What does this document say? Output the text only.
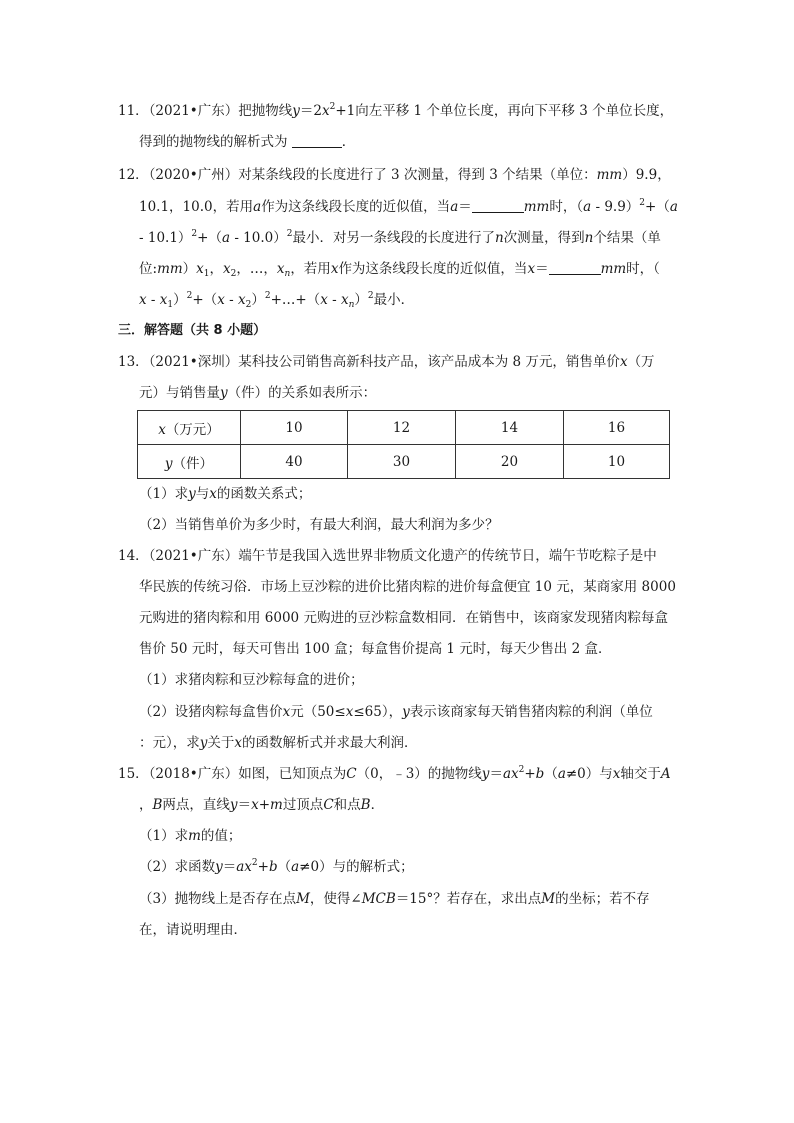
11．（2021•广东）把抛物线$y=2x^2+1$向左平移 1 个单位长度，再向下平移 3 个单位长度，
得到的抛物线的解析式为	．
12．（2020•广州）对某条线段的长度进行了 3 次测量，得到 3 个结果（单位：mm）9.9，
10.1，10.0，若用a作为这条线段长度的近似值，当a＝	mm时，（a - 9.9）$^2$+（a
- 10.1）$^2$+（a - 10.0）$^2$最小．对另一条线段的长度进行了n次测量，得到n个结果（单
位$:mm)x_1$，$x_2$，…，$x_n$，若用x作为这条线段长度的近似值，当x＝	mm时，（
$x - x_1)^2+(x$ - $x_2)^2+\dots+(x - x_n)^2$最小．
三．解答题（共 8 小题）
13．（2021•深圳）某科技公司销售高新科技产品，该产品成本为 8 万元，销售单价x（万
元）与销售量y（件）的关系如表所示：
x（万元）	10	12	14	16
y（件）	40	30	20	10
（1）求y与x的函数关系式；
（2）当销售单价为多少时，有最大利润，最大利润为多少？
14．（2021•广东）端午节是我国入选世界非物质文化遗产的传统节日，端午节吃粽子是中
华民族的传统习俗．市场上豆沙粽的进价比猪肉粽的进价每盒便宜 10 元，某商家用 8000
元购进的猪肉粽和用 6000 元购进的豆沙粽盒数相同．在销售中，该商家发现猪肉粽每盒
售价 50 元时，每天可售出 100 盒；每盒售价提高 1 元时，每天少售出 2 盒．
（1）求猪肉粽和豆沙粽每盒的进价；
（2）设猪肉粽每盒售价x元（50≤x≤65），y表示该商家每天销售猪肉粽的利润（单位
：元），求y关于x的函数解析式并求最大利润．
15．（2018•广东）如图，已知顶点为C（0，﹣3）的抛物线$y=ax^2+b(a\ne 0)$与x轴交于A
，B两点，直线y＝x+m过顶点C和点B．
（1）求m的值；
（2）求函数$y=ax^2+b(a\ne 0)$与的解析式；
（3）抛物线上是否存在点M，使得∠MCB＝15°？若存在，求出点M的坐标；若不存
在，请说明理由．
